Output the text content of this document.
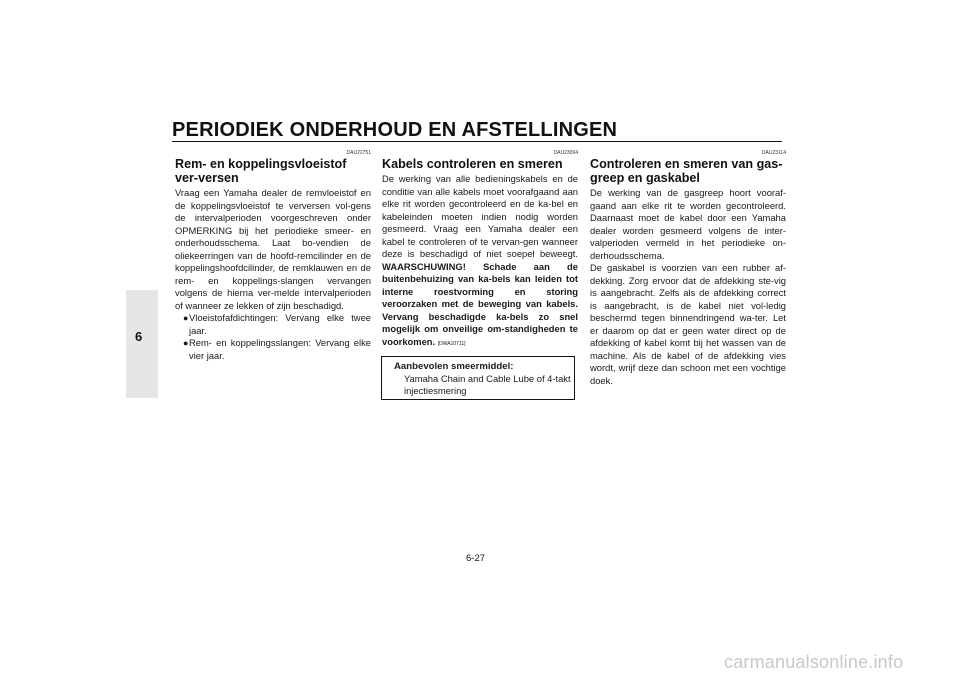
PERIODIEK ONDERHOUD EN AFSTELLINGEN
6
DAU22751
Rem- en koppelingsvloeistof ver-versen

Vraag een Yamaha dealer de remvloeistof en de koppelingsvloeistof te verversen vol-gens de intervalperioden voorgeschreven onder OPMERKING bij het periodieke smeer- en onderhoudsschema. Laat bo-vendien de oliekeerringen van de hoofd-remcilinder en de koppelingshoofdcilinder, de remklauwen en de rem- en koppelings-slangen vervangen volgens de hierna ver-melde intervalperioden of wanneer ze lekken of zijn beschadigd.

● Vloeistofafdichtingen: Vervang elke twee jaar.
● Rem- en koppelingsslangen: Vervang elke vier jaar.
DAU23094
Kabels controleren en smeren

De werking van alle bedieningskabels en de conditie van alle kabels moet voorafgaand aan elke rit worden gecontroleerd en de ka-bel en kabeleinden moeten indien nodig worden gesmeerd. Vraag een Yamaha dealer een kabel te controleren of te vervan-gen wanneer deze is beschadigd of niet soepel beweegt. WAARSCHUWING! Schade aan de buitenbehuizing van ka-bels kan leiden tot interne roestvorming en storing veroorzaken met de beweging van kabels. Vervang beschadigde ka-bels zo snel mogelijk om onveilige om-standigheden te voorkomen. [DWA10711]

Aanbevolen smeermiddel:
Yamaha Chain and Cable Lube of 4-takt injectiesmering
DAU23114
Controleren en smeren van gas-greep en gaskabel

De werking van de gasgreep hoort vooraf-gaand aan elke rit te worden gecontroleerd. Daarnaast moet de kabel door een Yamaha dealer worden gesmeerd volgens de inter-valperioden vermeld in het periodieke on-derhoudsschema.

De gaskabel is voorzien van een rubber af-dekking. Zorg ervoor dat de afdekking ste-vig is aangebracht. Zelfs als de afdekking correct is aangebracht, is de kabel niet vol-ledig beschermd tegen binnendringend wa-ter. Let er daarom op dat er geen water direct op de afdekking of kabel komt bij het wassen van de machine. Als de kabel of de afdekking vies wordt, wrijf deze dan schoon met een vochtige doek.

6-27
carmanualsonline.info
